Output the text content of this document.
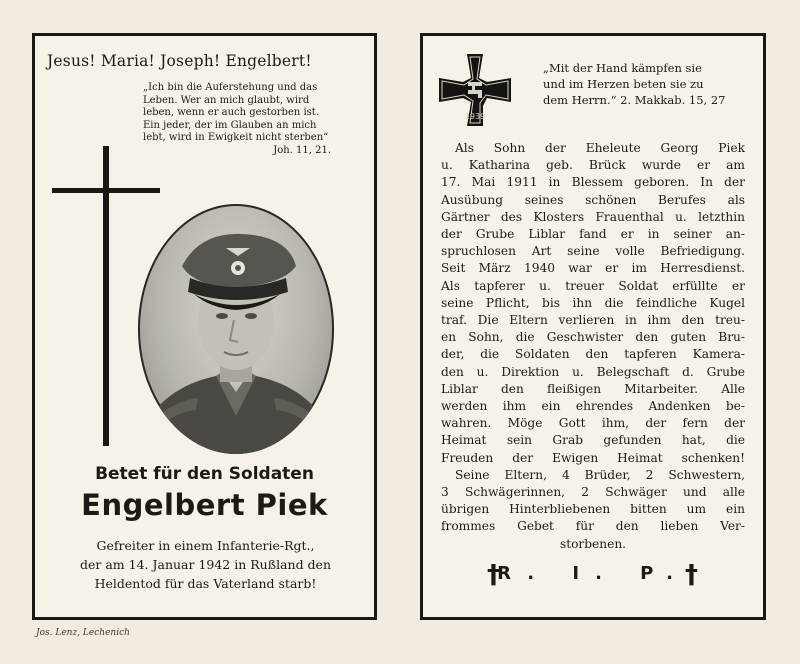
Jesus! Maria! Joseph! Engelbert!
„Ich bin die Auferstehung und das
Leben. Wer an mich glaubt, wird
leben, wenn er auch gestorben ist.
Ein jeder, der im Glauben an mich
lebt, wird in Ewigkeit nicht sterben“
Joh. 11, 21.
Betet für den Soldaten
Engelbert Piek
Gefreiter in einem Infanterie-Rgt.,
der am 14. Januar 1942 in Rußland den
Heldentod für das Vaterland starb!
Jos. Lenz, Lechenich
1939
„Mit der Hand kämpfen sie
und im Herzen beten sie zu
dem Herrn.“ 2. Makkab. 15, 27
Als Sohn der Eheleute Georg Piek
u. Katharina geb. Brück wurde er am
17. Mai 1911 in Blessem geboren. In der
Ausübung seines schönen Berufes als
Gärtner des Klosters Frauenthal u. letzthin
der Grube Liblar fand er in seiner an-
spruchlosen Art seine volle Befriedigung.
Seit März 1940 war er im Herresdienst.
Als tapferer u. treuer Soldat erfüllte er
seine Pflicht, bis ihn die feindliche Kugel
traf. Die Eltern verlieren in ihm den treu-
en Sohn, die Geschwister den guten Bru-
der, die Soldaten den tapferen Kamera-
den u. Direktion u. Belegschaft d. Grube
Liblar den fleißigen Mitarbeiter. Alle
werden ihm ein ehrendes Andenken be-
wahren. Möge Gott ihm, der fern der
Heimat sein Grab gefunden hat, die
Freuden der Ewigen Heimat schenken!
Seine Eltern, 4 Brüder, 2 Schwestern,
3 Schwägerinnen, 2 Schwäger und alle
übrigen Hinterbliebenen bitten um ein
frommes Gebet für den lieben Ver-
storbenen.
†
R. I. P.
†
